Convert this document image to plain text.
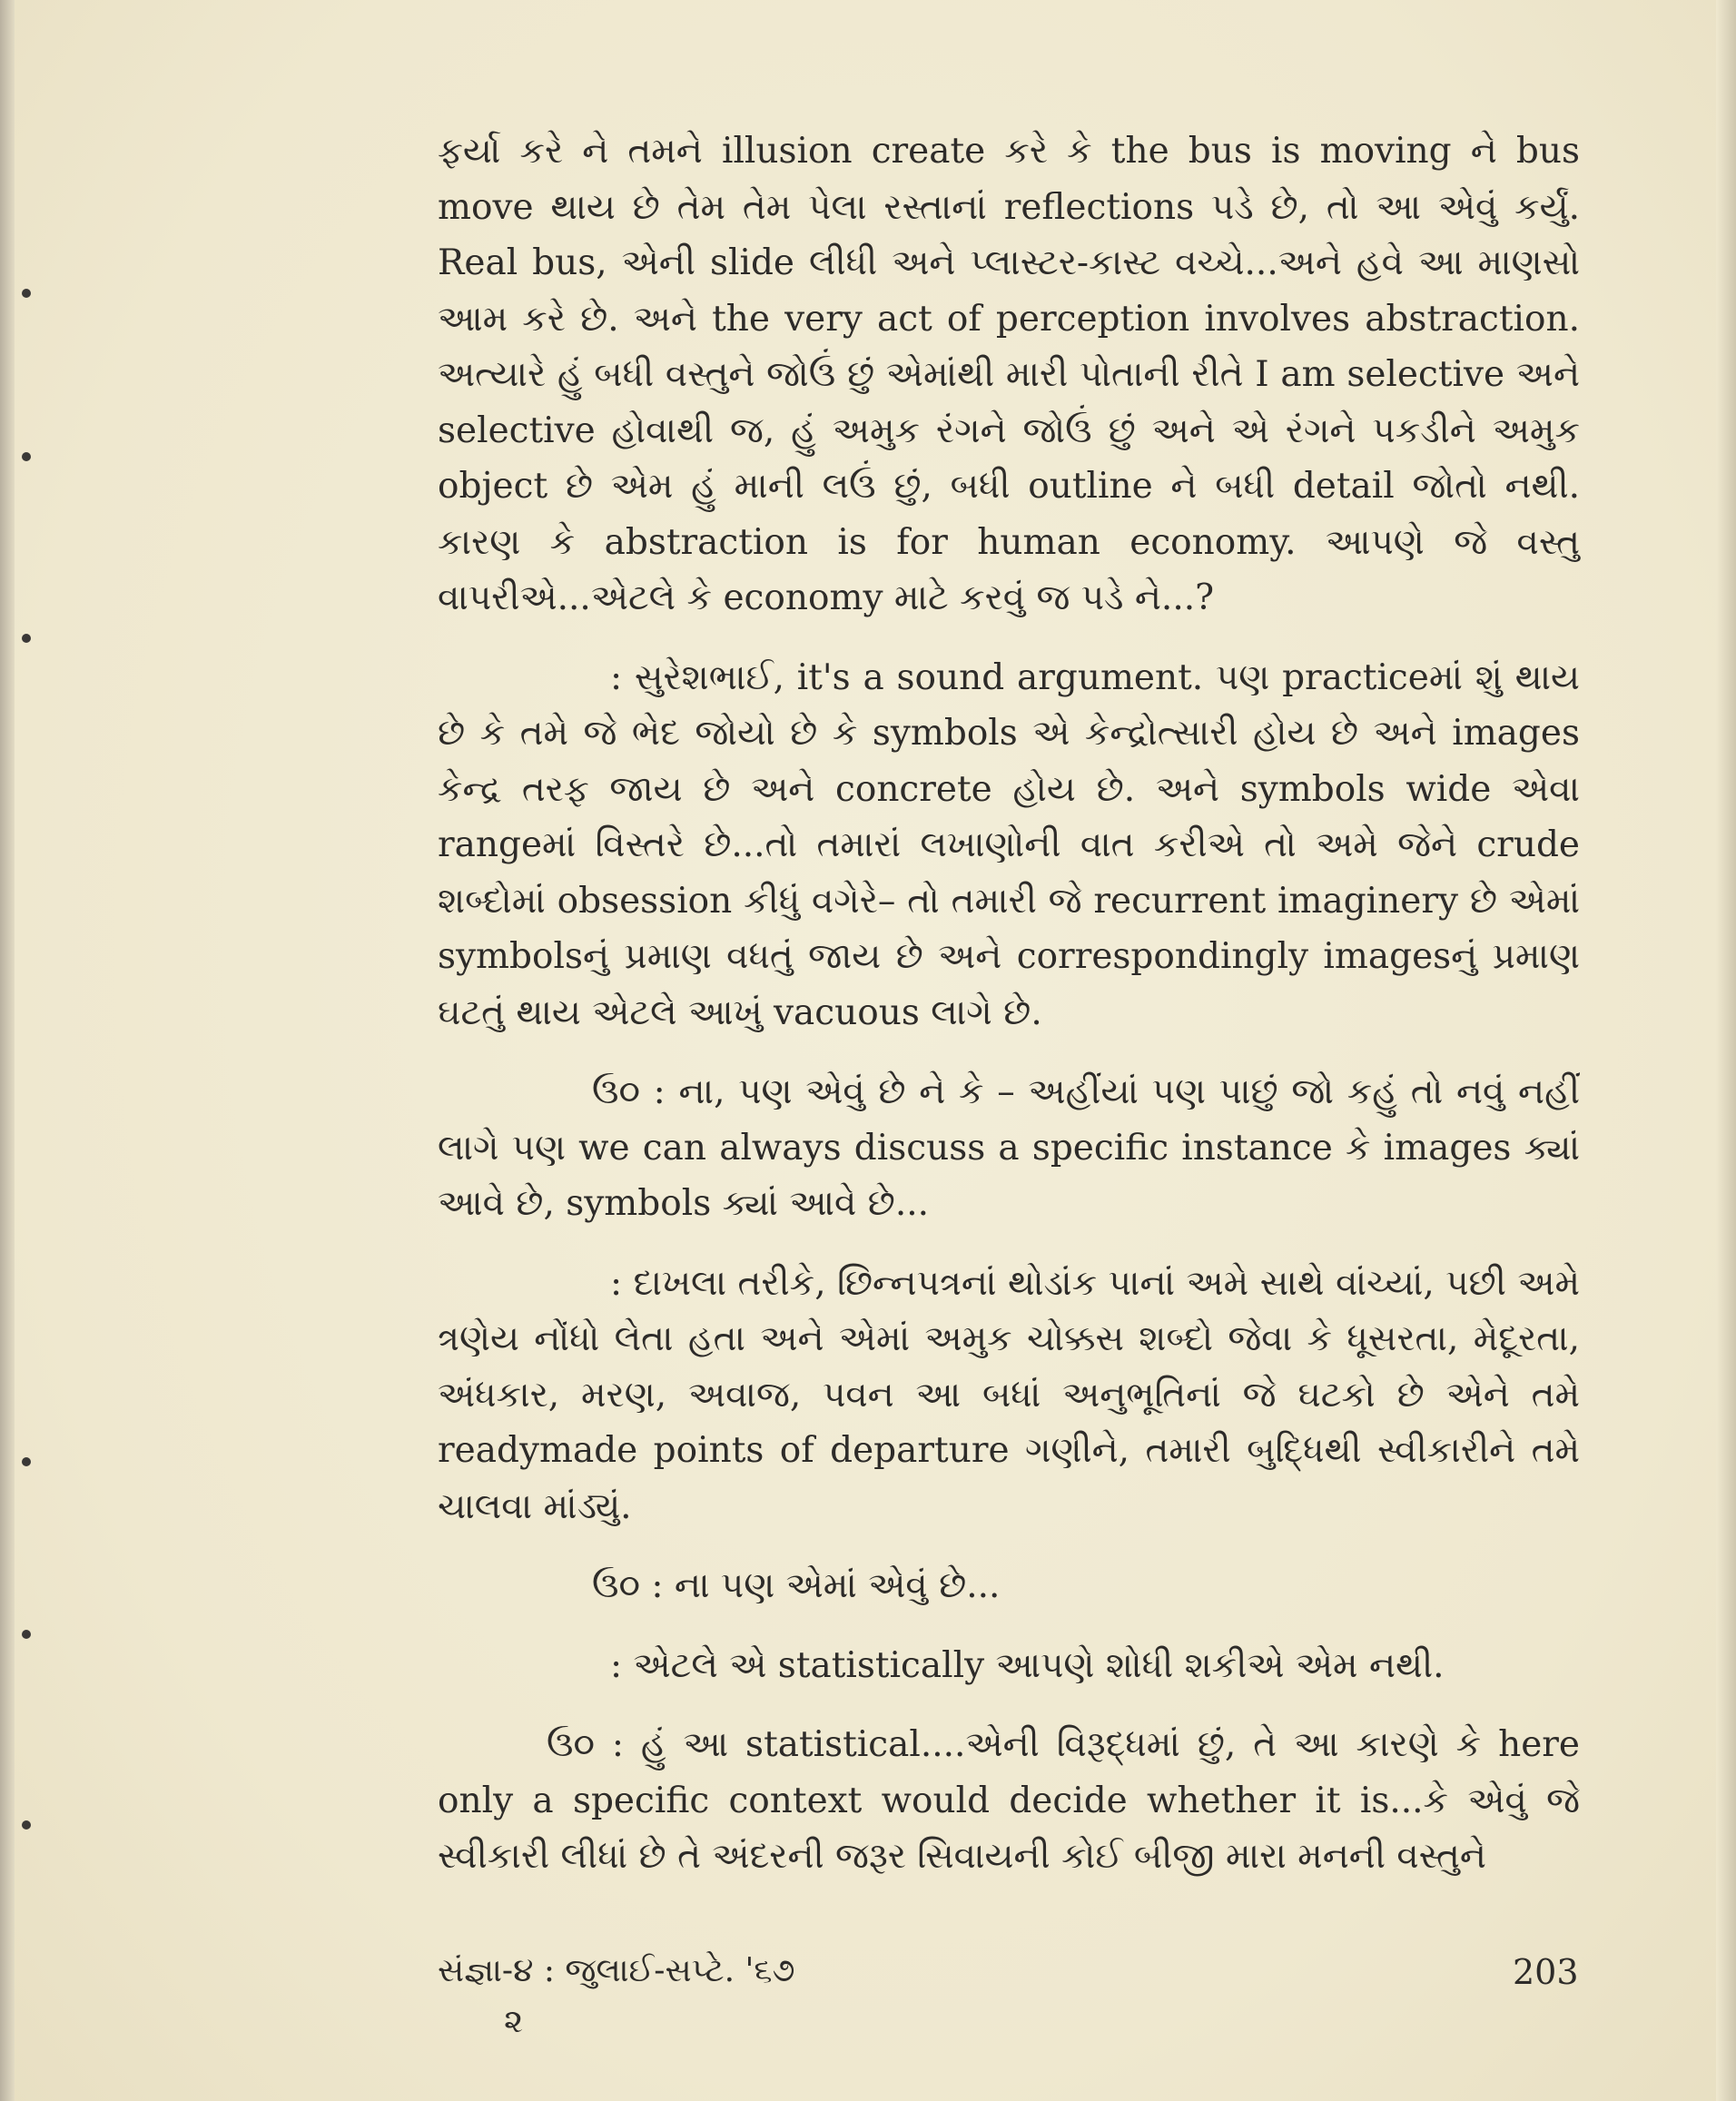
ફર્યા કરે ને તમને illusion create કરે કે the bus is moving ને bus move થાય છે તેમ તેમ પેલા રસ્તાનાં reflections પડે છે, તો આ એવું કર્યું. Real bus, એની slide લીધી અને પ્લાસ્ટર-કાસ્ટ વચ્ચે...અને હવે આ માણસો આમ કરે છે. અને the very act of perception involves abstraction. અત્યારે હું બધી વસ્તુને જોઉં છું એમાંથી મારી પોતાની રીતે I am selective અને selective હોવાથી જ, હું અમુક રંગને જોઉં છું અને એ રંગને પકડીને અમુક object છે એમ હું માની લઉં છું, બધી outline ને બધી detail જોતો નથી. કારણ કે abstraction is for human economy. આપણે જે વસ્તુ વાપરીએ...એટલે કે economy માટે કરવું જ પડે ને...?

: સુરેશભાઈ, it's a sound argument. પણ practiceમાં શું થાય છે કે તમે જે ભેદ જોયો છે કે symbols એ કેન્દ્રોત્સારી હોય છે અને images કેન્દ્ર તરફ જાય છે અને concrete હોય છે. અને symbols wide એવા rangeમાં વિસ્તરે છે...તો તમારાં લખાણોની વાત કરીએ તો અમે જેને crude શબ્દોમાં obsession કીધું વગેરે– તો તમારી જે recurrent imaginery છે એમાં symbolsનું પ્રમાણ વધતું જાય છે અને correspondingly imagesનું પ્રમાણ ઘટતું થાય એટલે આખું vacuous લાગે છે.

ઉ૦ : ના, પણ એવું છે ને કે – અહીંયાં પણ પાછું જો કહું તો નવું નહીં લાગે પણ we can always discuss a specific instance કે images ક્યાં આવે છે, symbols ક્યાં આવે છે...

: દાખલા તરીકે, છિન્નપત્રનાં થોડાંક પાનાં અમે સાથે વાંચ્યાં, પછી અમે ત્રણેય નોંધો લેતા હતા અને એમાં અમુક ચોક્કસ શબ્દો જેવા કે ધૂસરતા, મેદૂરતા, અંધકાર, મરણ, અવાજ, પવન આ બધાં અનુભૂતિનાં જે ઘટકો છે એને તમે readymade points of departure ગણીને, તમારી બુદ્ધિથી સ્વીકારીને તમે ચાલવા માંડ્યું.

ઉ૦ : ના પણ એમાં એવું છે...

: એટલે એ statistically આપણે શોધી શકીએ એમ નથી.

ઉ૦ : હું આ statistical....એની વિરૂદ્ધમાં છું, તે આ કારણે કે here only a specific context would decide whether it is...કે એવું જે સ્વીકારી લીધાં છે તે અંદરની જરૂર સિવાયની કોઈ બીજી મારા મનની વસ્તુને

સંજ્ઞા-૪ : જુલાઈ-સપ્ટે. '૬૭
૨
203
